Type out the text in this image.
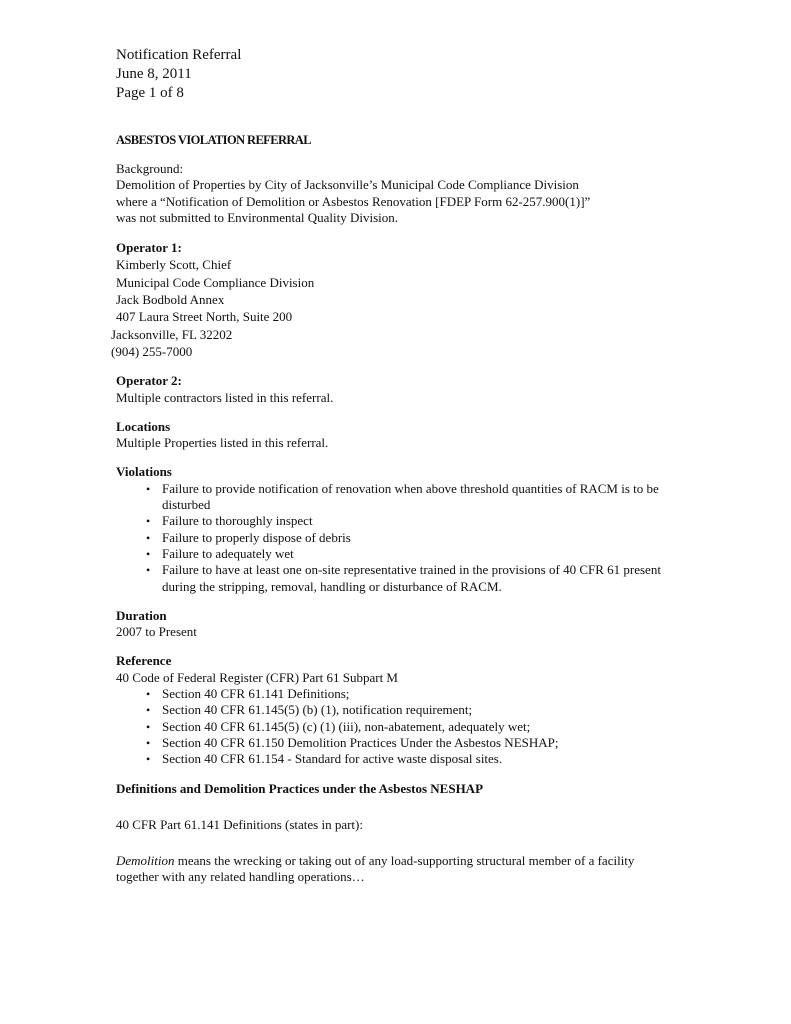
Notification Referral
June 8, 2011
Page 1 of 8
ASBESTOS VIOLATION REFERRAL
Background:
Demolition of Properties by City of Jacksonville’s Municipal Code Compliance Division
where a “Notification of Demolition or Asbestos Renovation [FDEP Form 62-257.900(1)]”
was not submitted to Environmental Quality Division.
Operator 1:
Kimberly Scott, Chief
Municipal Code Compliance Division
Jack Bodbold Annex
407 Laura Street North, Suite 200
Jacksonville, FL 32202
(904) 255-7000
Operator 2:
Multiple contractors listed in this referral.
Locations
Multiple Properties listed in this referral.
Violations
• Failure to provide notification of renovation when above threshold quantities of RACM is to be disturbed
• Failure to thoroughly inspect
• Failure to properly dispose of debris
• Failure to adequately wet
• Failure to have at least one on-site representative trained in the provisions of 40 CFR 61 present during the stripping, removal, handling or disturbance of RACM.
Duration
2007 to Present
Reference
40 Code of Federal Register (CFR) Part 61 Subpart M
• Section 40 CFR 61.141 Definitions;
• Section 40 CFR 61.145(5) (b) (1), notification requirement;
• Section 40 CFR 61.145(5) (c) (1) (iii), non-abatement, adequately wet;
• Section 40 CFR 61.150 Demolition Practices Under the Asbestos NESHAP;
• Section 40 CFR 61.154 - Standard for active waste disposal sites.
Definitions and Demolition Practices under the Asbestos NESHAP
40 CFR Part 61.141 Definitions (states in part):
Demolition means the wrecking or taking out of any load-supporting structural member of a facility together with any related handling operations…
